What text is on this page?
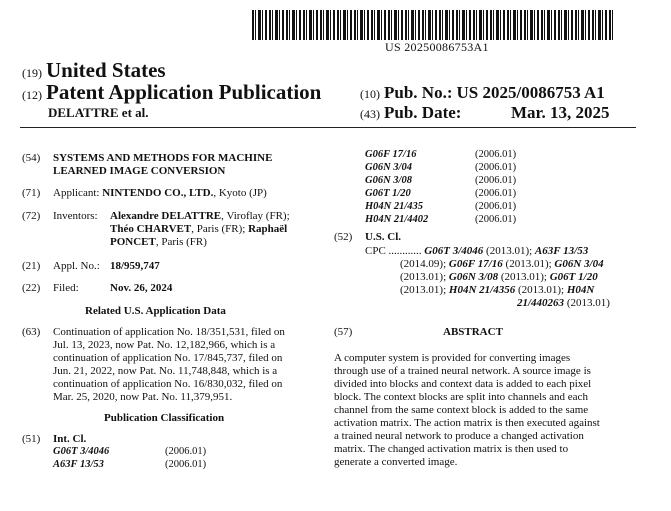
US 20250086753A1
(19) United States
(12) Patent Application Publication
DELATTRE et al.
(10) Pub. No.: US 2025/0086753 A1
(43) Pub. Date:	Mar. 13, 2025
(54) SYSTEMS AND METHODS FOR MACHINE
LEARNED IMAGE CONVERSION
(71) Applicant: NINTENDO CO., LTD., Kyoto (JP)
(72) Inventors: Alexandre DELATTRE, Viroflay (FR);
Théo CHARVET, Paris (FR); Raphaël
PONCET, Paris (FR)
(21) Appl. No.: 18/959,747
(22) Filed:	Nov. 26, 2024
Related U.S. Application Data
(63) Continuation of application No. 18/351,531, filed on
Jul. 13, 2023, now Pat. No. 12,182,966, which is a
continuation of application No. 17/845,737, filed on
Jun. 21, 2022, now Pat. No. 11,748,848, which is a
continuation of application No. 16/830,032, filed on
Mar. 25, 2020, now Pat. No. 11,379,951.
Publication Classification
(51) Int. Cl.
G06T 3/4046	(2006.01)
A63F 13/53	(2006.01)
G06F 17/16	(2006.01)
G06N 3/04	(2006.01)
G06N 3/08	(2006.01)
G06T 1/20	(2006.01)
H04N 21/435	(2006.01)
H04N 21/4402	(2006.01)
(52) U.S. Cl.
CPC ............ G06T 3/4046 (2013.01); A63F 13/53
(2014.09); G06F 17/16 (2013.01); G06N 3/04
(2013.01); G06N 3/08 (2013.01); G06T 1/20
(2013.01); H04N 21/4356 (2013.01); H04N
21/440263 (2013.01)
(57)	ABSTRACT
A computer system is provided for converting images
through use of a trained neural network. A source image is
divided into blocks and context data is added to each pixel
block. The context blocks are split into channels and each
channel from the same context block is added to the same
activation matrix. The action matrix is then executed against
a trained neural network to produce a changed activation
matrix. The changed activation matrix is then used to
generate a converted image.
